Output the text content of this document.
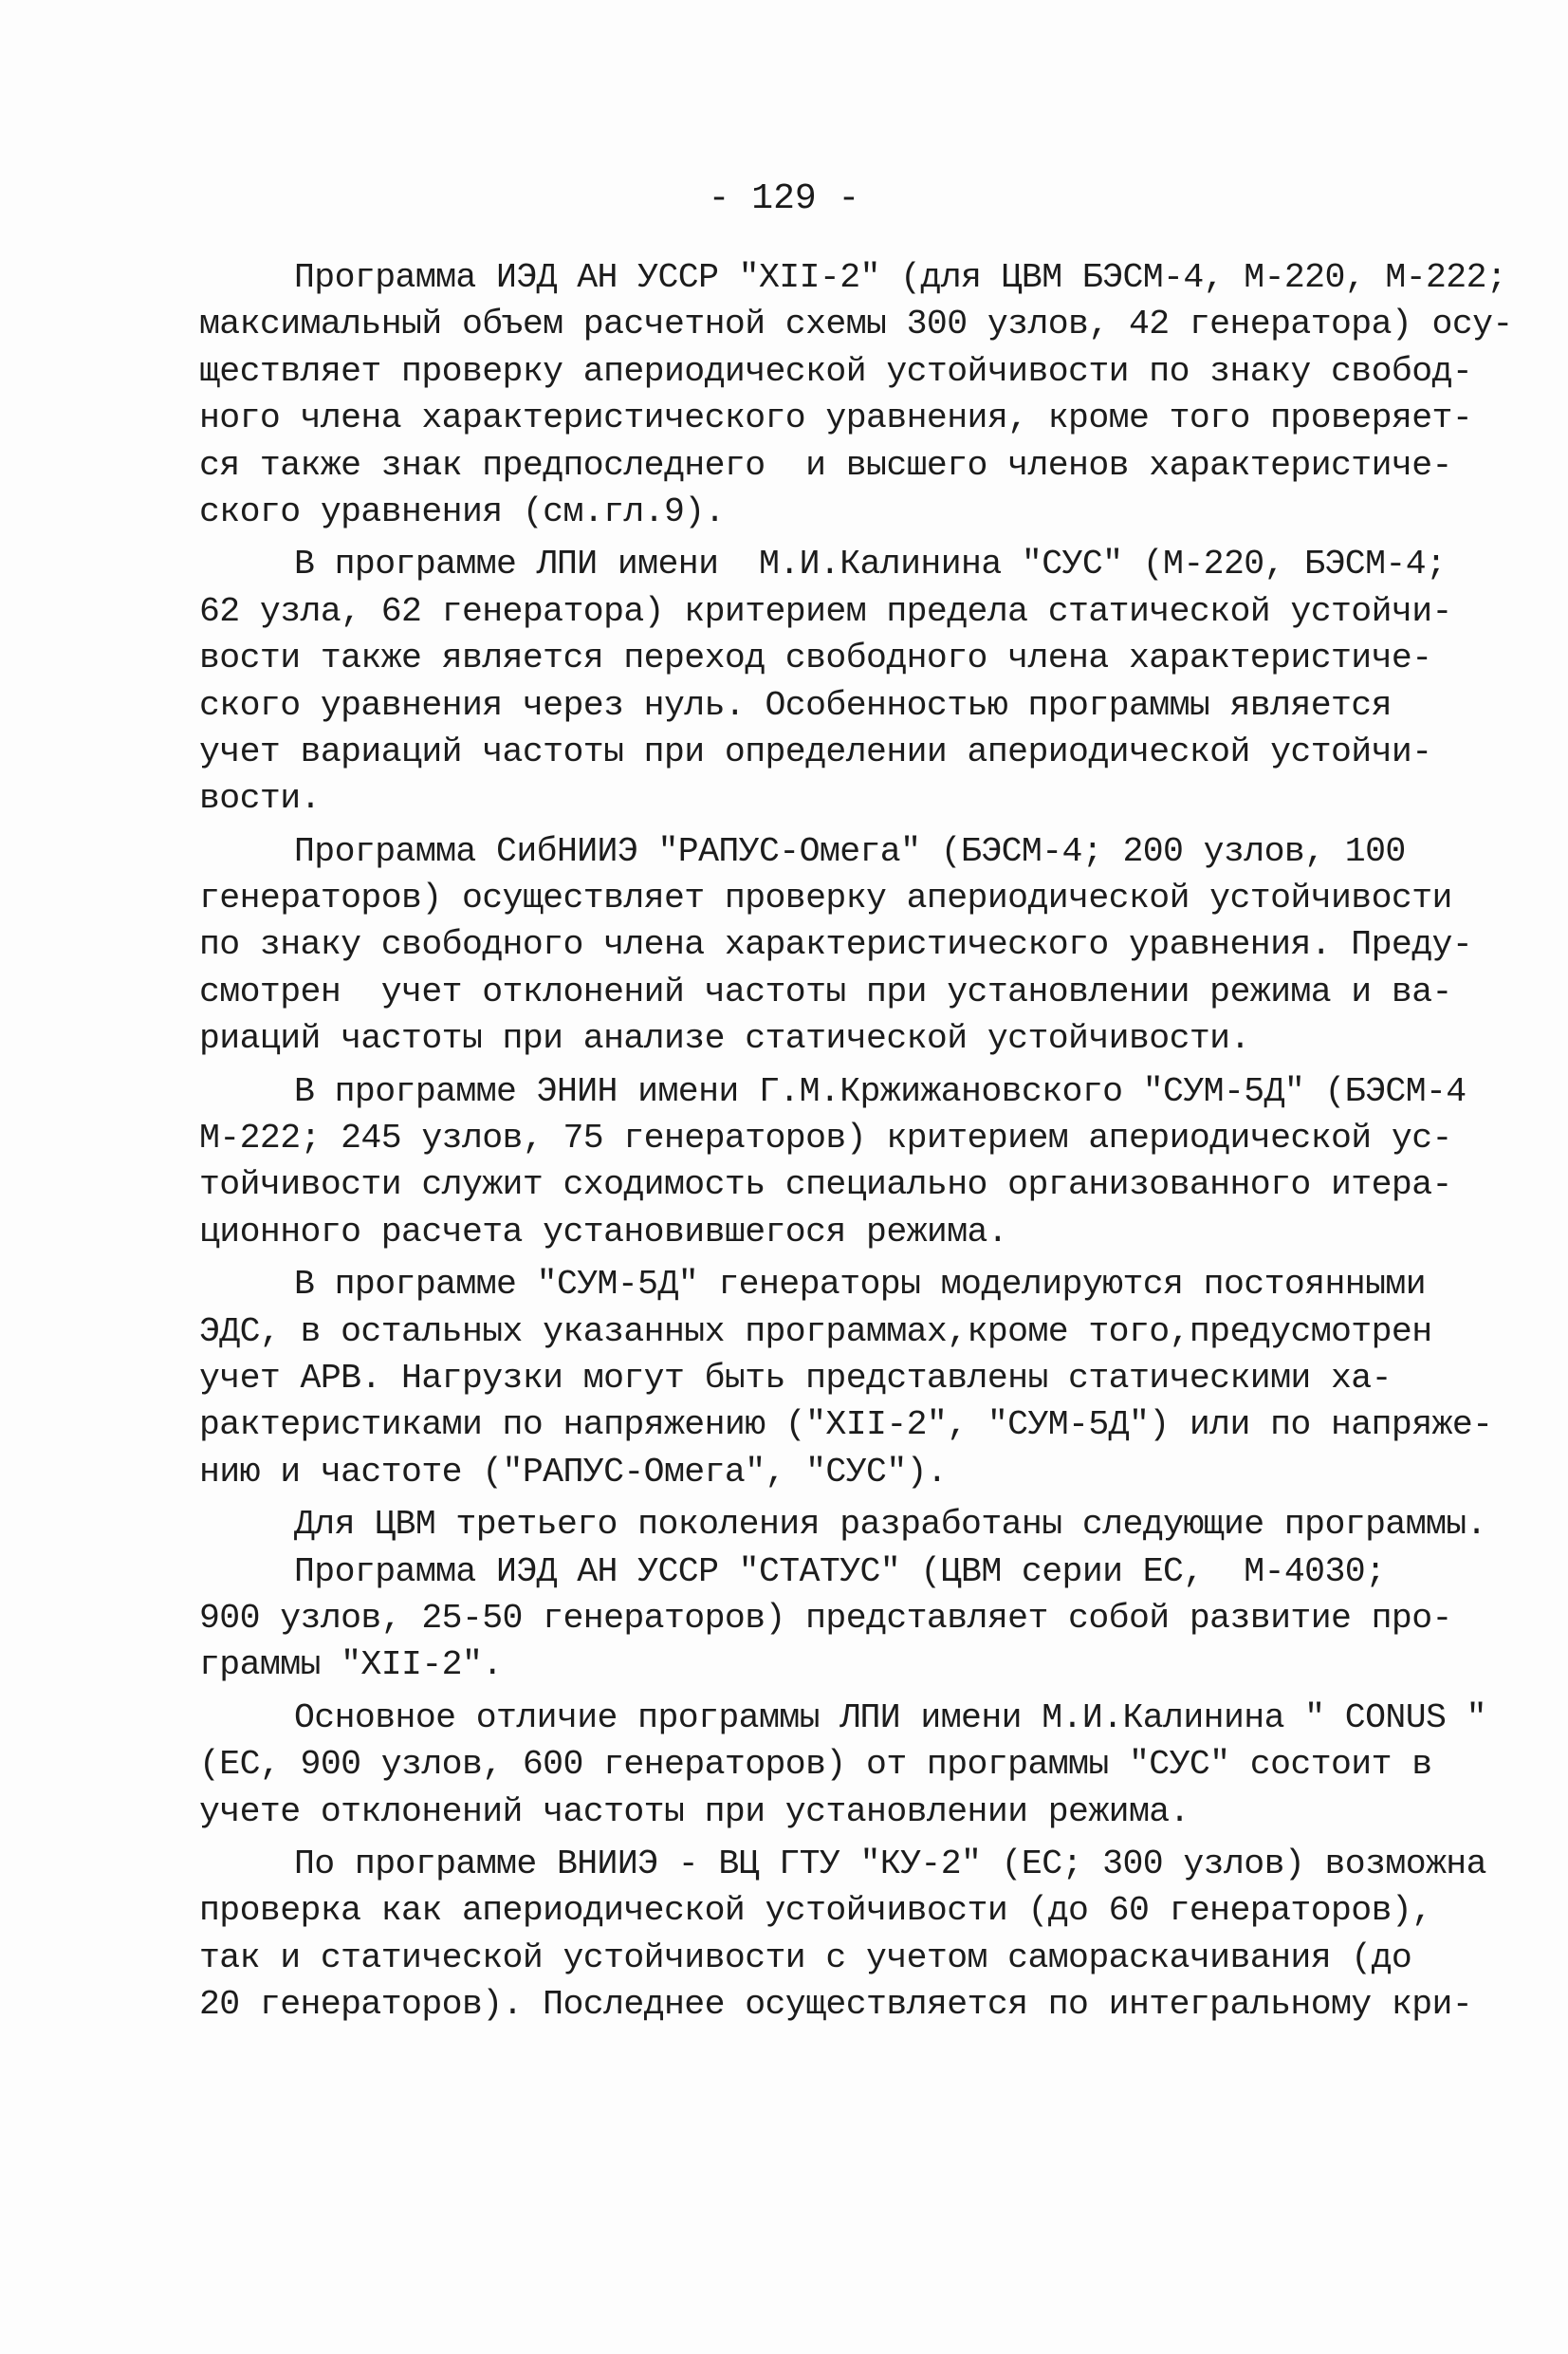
- 129 -
Программа ИЭД АН УССР "XII-2" (для ЦВМ БЭСМ-4, М-220, М-222;
максимальный объем расчетной схемы 300 узлов, 42 генератора) осу-
ществляет проверку апериодической устойчивости по знаку свобод-
ного члена характеристического уравнения, кроме того проверяет-
ся также знак предпоследнего  и высшего членов характеристиче-
ского уравнения (см.гл.9).
В программе ЛПИ имени  М.И.Калинина "СУС" (М-220, БЭСМ-4;
62 узла, 62 генератора) критерием предела статической устойчи-
вости также является переход свободного члена характеристиче-
ского уравнения через нуль. Особенностью программы является
учет вариаций частоты при определении апериодической устойчи-
вости.
Программа СибНИИЭ "РАПУС-Омега" (БЭСМ-4; 200 узлов, 100
генераторов) осуществляет проверку апериодической устойчивости
по знаку свободного члена характеристического уравнения. Преду-
смотрен  учет отклонений частоты при установлении режима и ва-
риаций частоты при анализе статической устойчивости.
В программе ЭНИН имени Г.М.Кржижановского "СУМ-5Д" (БЭСМ-4
М-222; 245 узлов, 75 генераторов) критерием апериодической ус-
тойчивости служит сходимость специально организованного итера-
ционного расчета установившегося режима.
В программе "СУМ-5Д" генераторы моделируются постоянными
ЭДС, в остальных указанных программах,кроме того,предусмотрен
учет АРВ. Нагрузки могут быть представлены статическими ха-
рактеристиками по напряжению ("XII-2", "СУМ-5Д") или по напряже-
нию и частоте ("РАПУС-Омега", "СУС").
Для ЦВМ третьего поколения разработаны следующие программы.
Программа ИЭД АН УССР "СТАТУС" (ЦВМ серии ЕС,  М-4030;
900 узлов, 25-50 генераторов) представляет собой развитие про-
граммы "XII-2".
Основное отличие программы ЛПИ имени М.И.Калинина " CONUS "
(ЕС, 900 узлов, 600 генераторов) от программы "СУС" состоит в
учете отклонений частоты при установлении режима.
По программе ВНИИЭ - ВЦ ГТУ "КУ-2" (ЕС; 300 узлов) возможна
проверка как апериодической устойчивости (до 60 генераторов),
так и статической устойчивости с учетом самораскачивания (до
20 генераторов). Последнее осуществляется по интегральному кри-
